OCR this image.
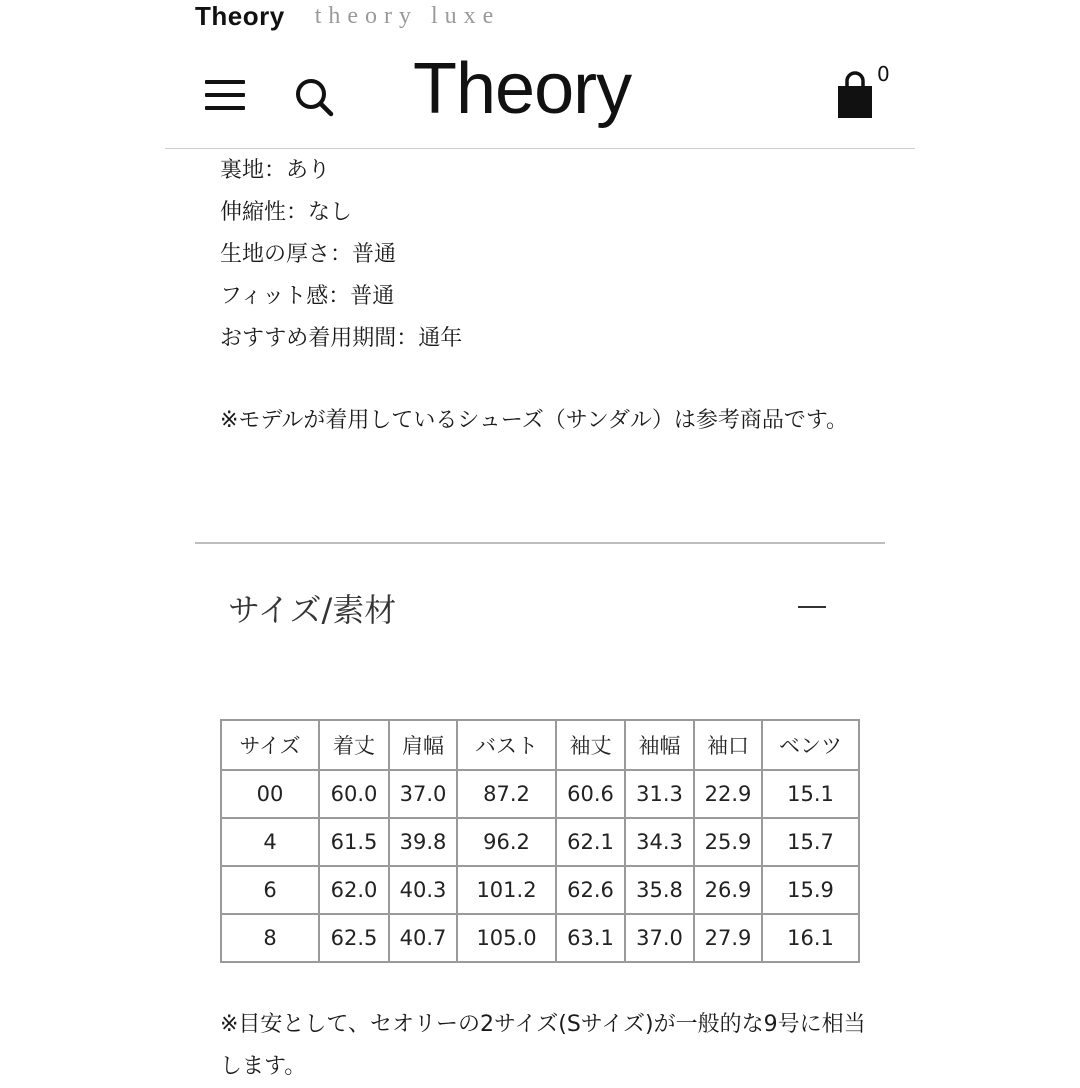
Theory theory luxe
Theory	0
裏地：あり
伸縮性：なし
生地の厚さ：普通
フィット感：普通
おすすめ着用期間：通年
※モデルが着用しているシューズ（サンダル）は参考商品です。
サイズ/素材
サイズ	着丈	肩幅	バスト	袖丈	袖幅	袖口	ベンツ
00	60.0	37.0	87.2	60.6	31.3	22.9	15.1
4	61.5	39.8	96.2	62.1	34.3	25.9	15.7
6	62.0	40.3	101.2	62.6	35.8	26.9	15.9
8	62.5	40.7	105.0	63.1	37.0	27.9	16.1
※目安として、セオリーの2サイズ(Sサイズ)が一般的な9号に相当します。
